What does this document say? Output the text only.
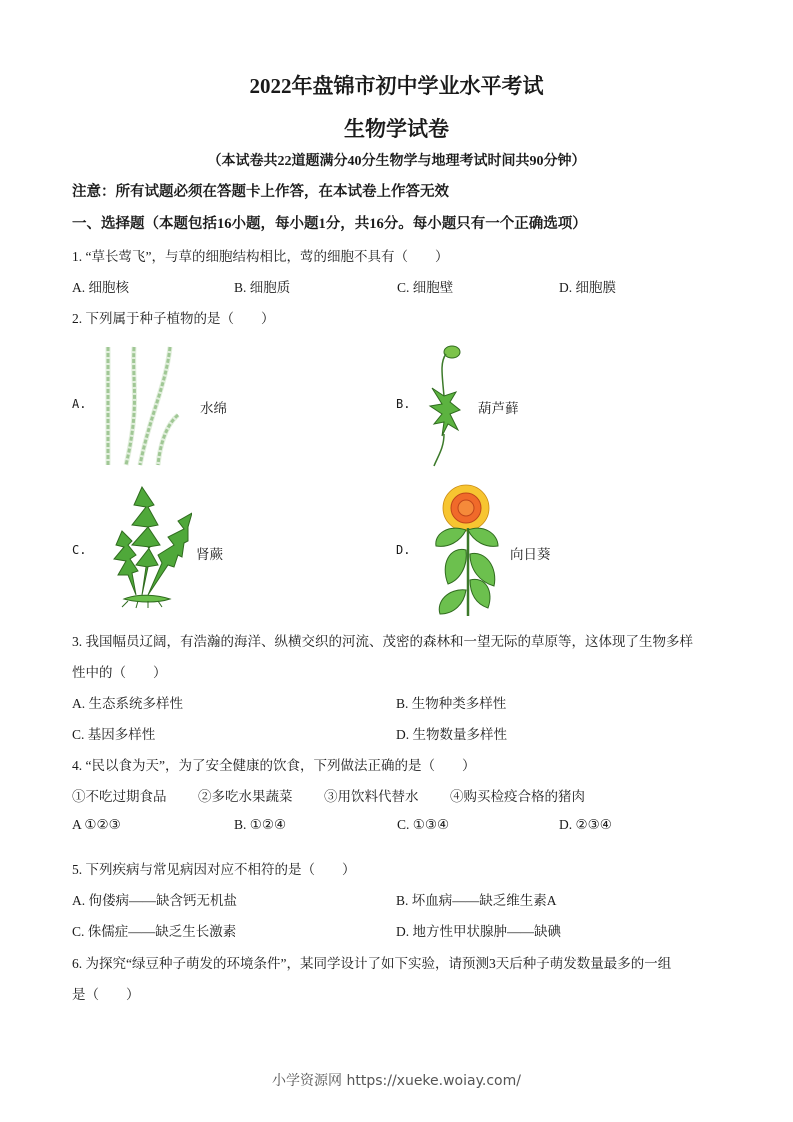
2022年盘锦市初中学业水平考试
生物学试卷
（本试卷共22道题满分40分生物学与地理考试时间共90分钟）
注意：所有试题必须在答题卡上作答，在本试卷上作答无效
一、选择题（本题包括16小题，每小题1分，共16分。每小题只有一个正确选项）
1. “草长莺飞”，与草的细胞结构相比，莺的细胞不具有（　　）
A. 细胞核	B. 细胞质	C. 细胞壁	D. 细胞膜
2. 下列属于种子植物的是（　　）
A.	水绵	B.	葫芦藓
C.	肾蕨	D.	向日葵
3. 我国幅员辽阔，有浩瀚的海洋、纵横交织的河流、茂密的森林和一望无际的草原等，这体现了生物多样
性中的（　　）
A. 生态系统多样性	B. 生物种类多样性
C. 基因多样性	D. 生物数量多样性
4. “民以食为天”，为了安全健康的饮食，下列做法正确的是（　　）
①不吃过期食品 ②多吃水果蔬菜 ③用饮料代替水 ④购买检疫合格的猪肉
A ①②③	B. ①②④	C. ①③④	D. ②③④
5. 下列疾病与常见病因对应不相符的是（　　）
A. 佝偻病——缺含钙无机盐	B. 坏血病——缺乏维生素A
C. 侏儒症——缺乏生长激素	D. 地方性甲状腺肿——缺碘
6. 为探究“绿豆种子萌发的环境条件”，某同学设计了如下实验，请预测3天后种子萌发数量最多的一组
是（　　）
小学资源网 https://xueke.woiay.com/
